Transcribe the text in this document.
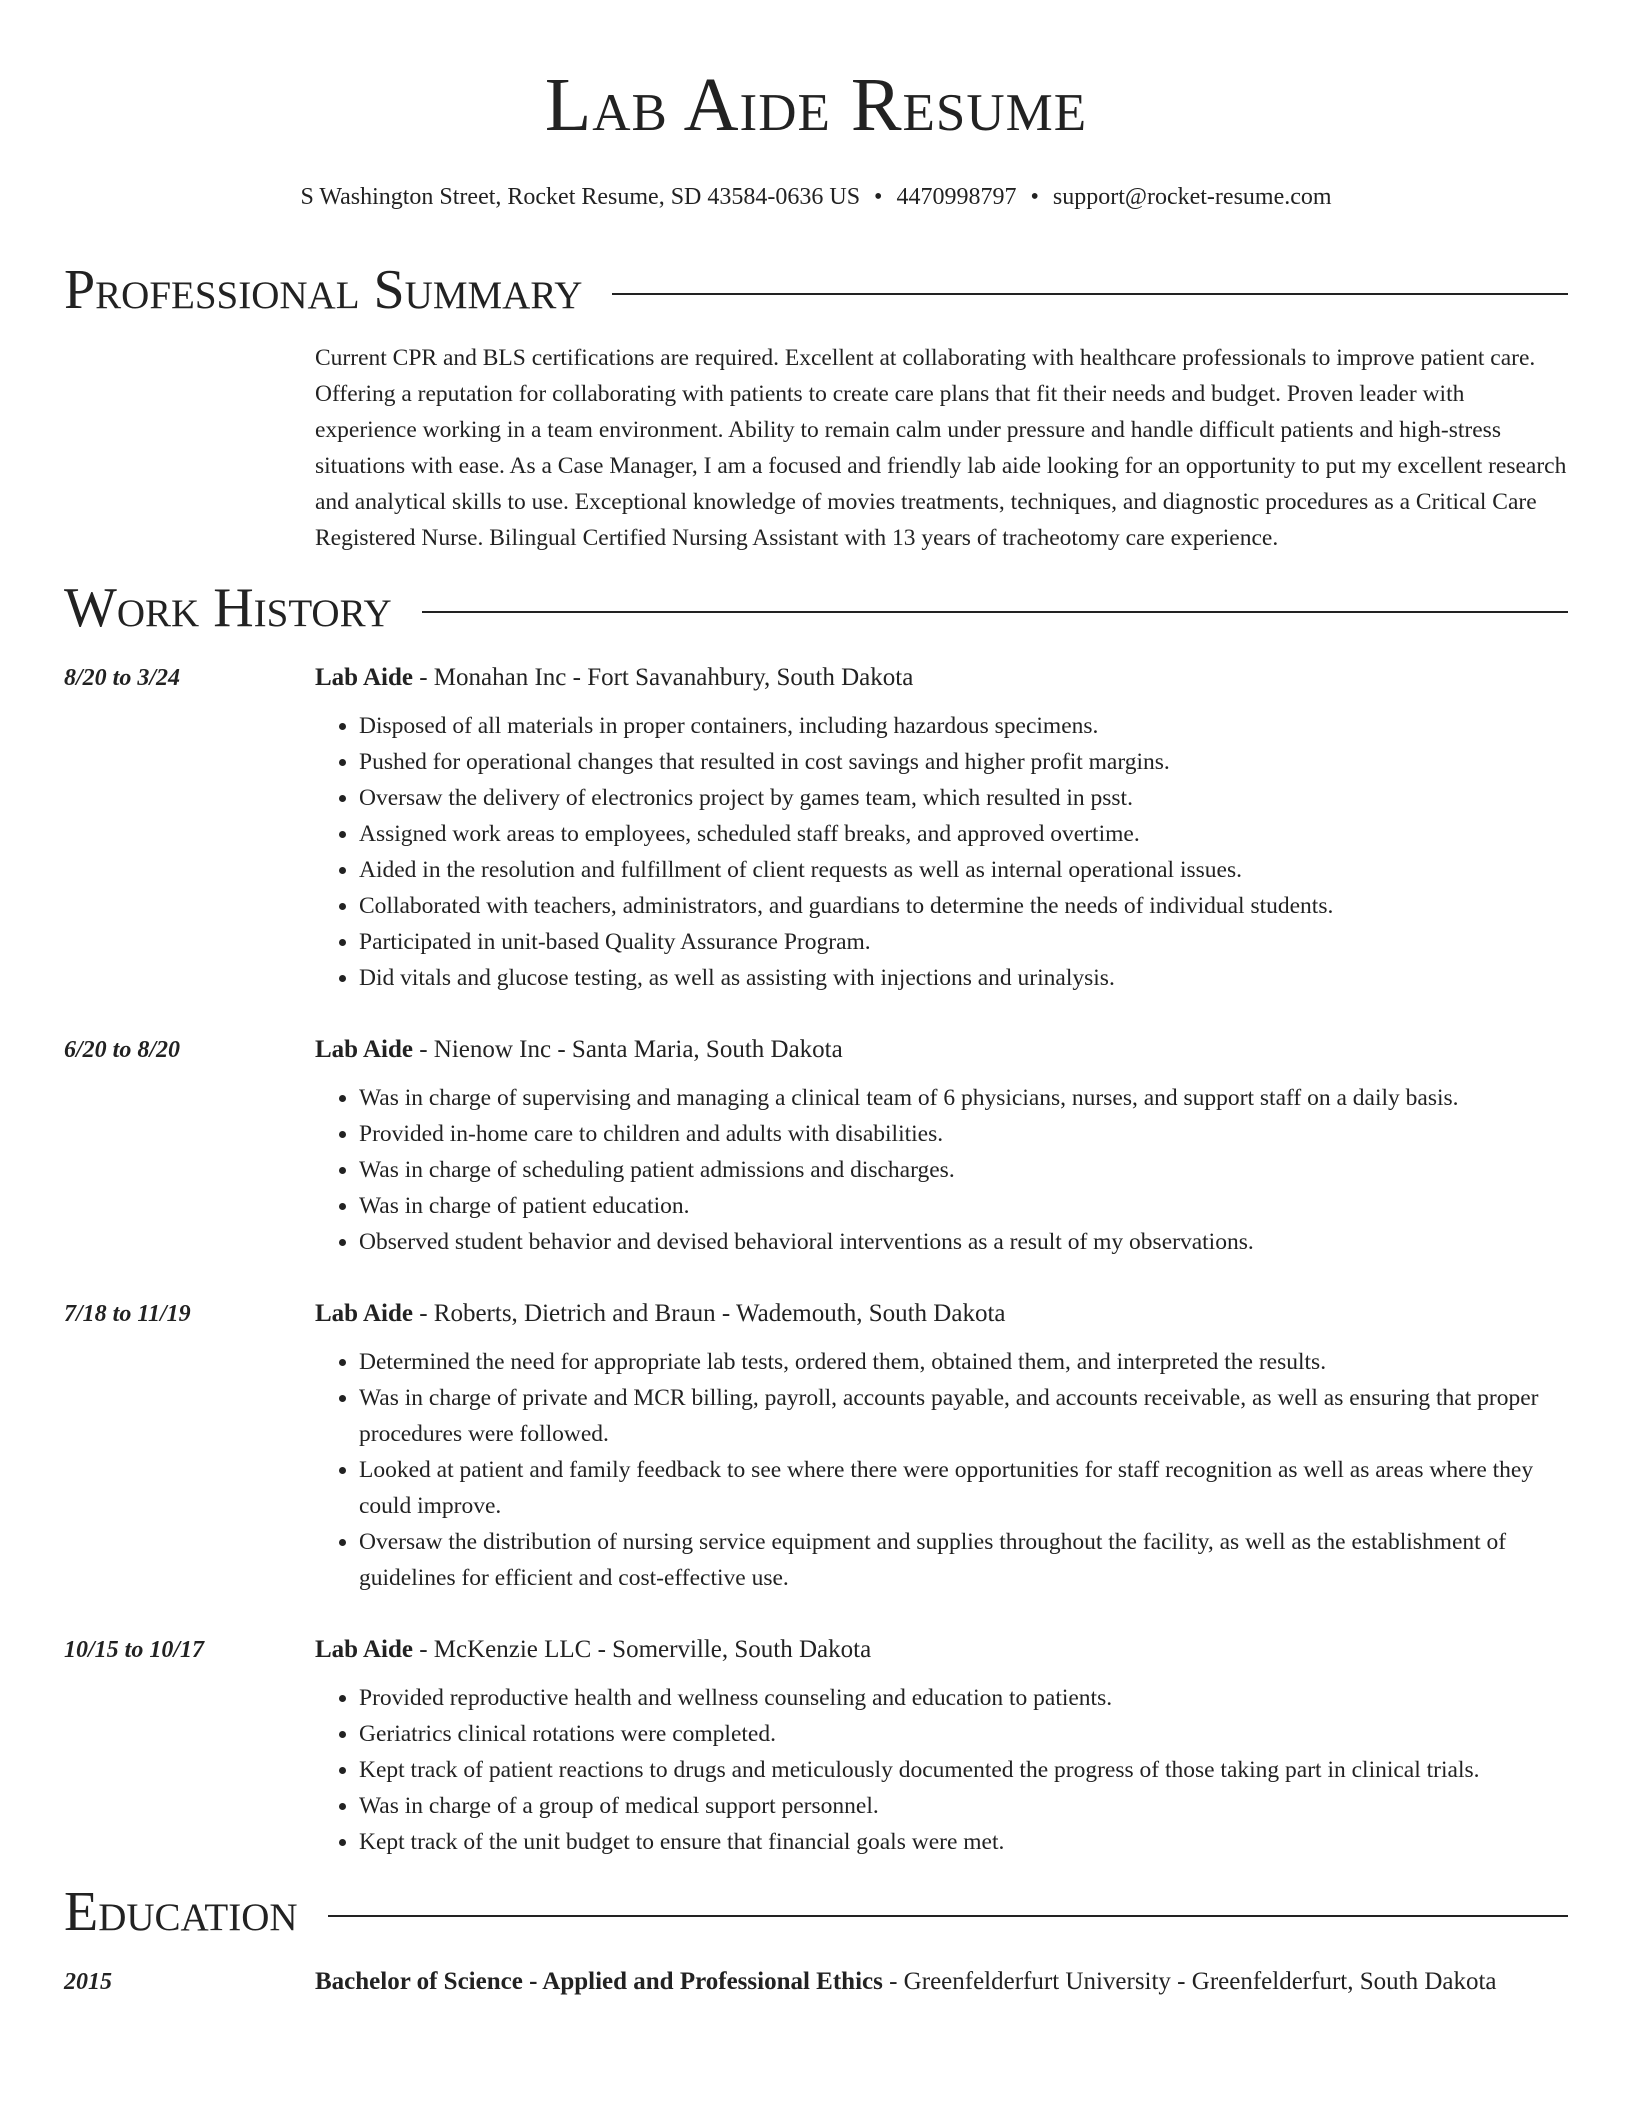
Lab Aide Resume
S Washington Street, Rocket Resume, SD 43584-0636 US • 4470998797 • support@rocket-resume.com
Professional Summary
Current CPR and BLS certifications are required. Excellent at collaborating with healthcare professionals to improve patient care. Offering a reputation for collaborating with patients to create care plans that fit their needs and budget. Proven leader with experience working in a team environment. Ability to remain calm under pressure and handle difficult patients and high-stress situations with ease. As a Case Manager, I am a focused and friendly lab aide looking for an opportunity to put my excellent research and analytical skills to use. Exceptional knowledge of movies treatments, techniques, and diagnostic procedures as a Critical Care Registered Nurse. Bilingual Certified Nursing Assistant with 13 years of tracheotomy care experience.
Work History
8/20 to 3/24	Lab Aide - Monahan Inc - Fort Savanahbury, South Dakota
• Disposed of all materials in proper containers, including hazardous specimens.
• Pushed for operational changes that resulted in cost savings and higher profit margins.
• Oversaw the delivery of electronics project by games team, which resulted in psst.
• Assigned work areas to employees, scheduled staff breaks, and approved overtime.
• Aided in the resolution and fulfillment of client requests as well as internal operational issues.
• Collaborated with teachers, administrators, and guardians to determine the needs of individual students.
• Participated in unit-based Quality Assurance Program.
• Did vitals and glucose testing, as well as assisting with injections and urinalysis.
6/20 to 8/20	Lab Aide - Nienow Inc - Santa Maria, South Dakota
• Was in charge of supervising and managing a clinical team of 6 physicians, nurses, and support staff on a daily basis.
• Provided in-home care to children and adults with disabilities.
• Was in charge of scheduling patient admissions and discharges.
• Was in charge of patient education.
• Observed student behavior and devised behavioral interventions as a result of my observations.
7/18 to 11/19	Lab Aide - Roberts, Dietrich and Braun - Wademouth, South Dakota
• Determined the need for appropriate lab tests, ordered them, obtained them, and interpreted the results.
• Was in charge of private and MCR billing, payroll, accounts payable, and accounts receivable, as well as ensuring that proper procedures were followed.
• Looked at patient and family feedback to see where there were opportunities for staff recognition as well as areas where they could improve.
• Oversaw the distribution of nursing service equipment and supplies throughout the facility, as well as the establishment of guidelines for efficient and cost-effective use.
10/15 to 10/17	Lab Aide - McKenzie LLC - Somerville, South Dakota
• Provided reproductive health and wellness counseling and education to patients.
• Geriatrics clinical rotations were completed.
• Kept track of patient reactions to drugs and meticulously documented the progress of those taking part in clinical trials.
• Was in charge of a group of medical support personnel.
• Kept track of the unit budget to ensure that financial goals were met.
Education
2015	Bachelor of Science - Applied and Professional Ethics - Greenfelderfurt University - Greenfelderfurt, South Dakota
